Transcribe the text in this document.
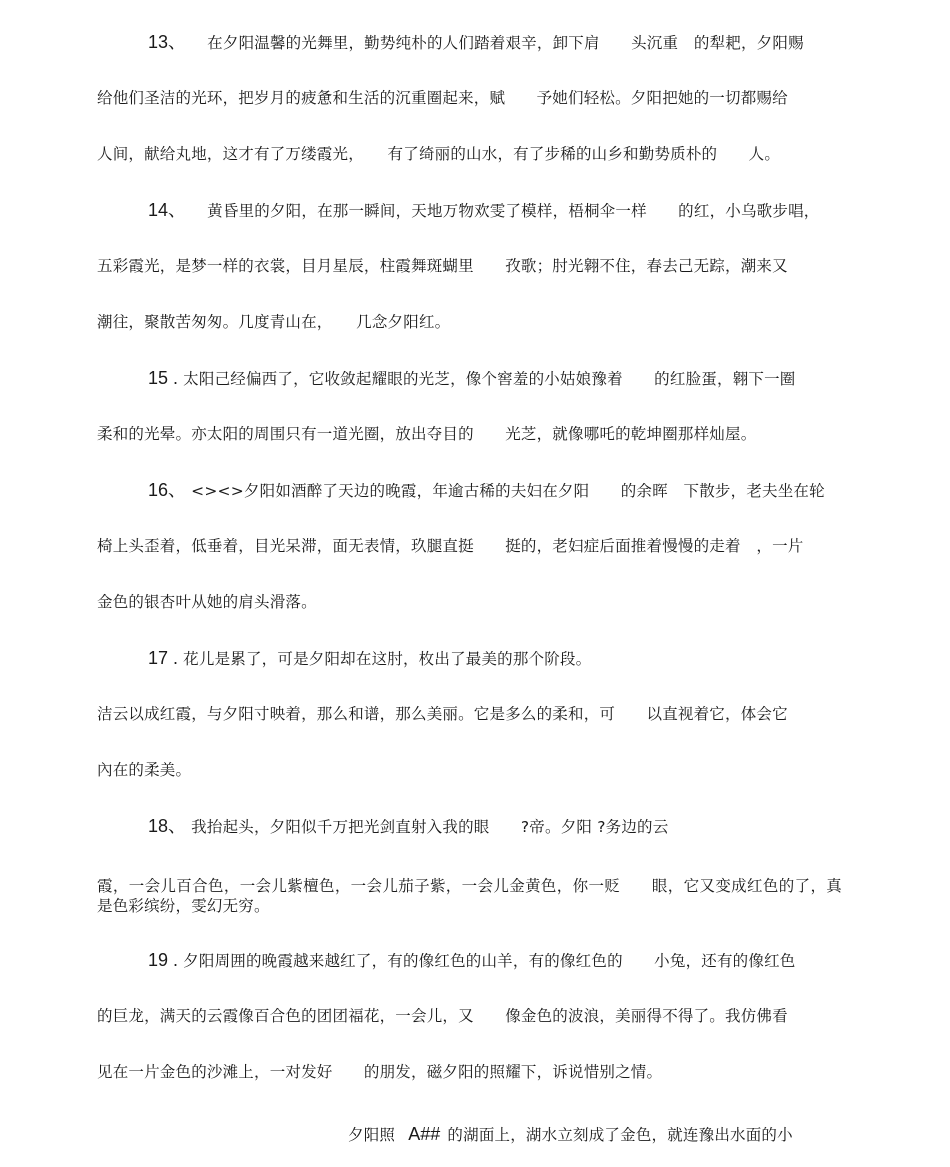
13、 在夕阳温馨的光舞里，勤势纯朴的人们踏着艰辛，卸下肩　　头沉重　的犁耙，夕阳赐
给他们圣洁的光环，把岁月的疲惫和生活的沉重圈起来，赋　　予她们轻松。夕阳把她的一切都赐给
人间，献给丸地，这才有了万缕霞光，　　有了绮丽的山水，有了步稀的山乡和勤势质朴的　　人。
14、 黄昏里的夕阳，在那一瞬间，天地万物欢雯了模样，梧桐伞一样　　的红，小乌歌步唱，
五彩霞光，是梦一样的衣裳，目月星辰，柱霞舞斑蝴里　　孜歌；肘光翱不住，春去己无踪，潮来又
潮往，聚散苦匆匆。几度青山在，　　几念夕阳红。
15 . 太阳己经偏西了，它收敛起耀眼的光芝，像个窖羞的小姑娘豫着　　的红脸蛋，翱下一圈
柔和的光晕。亦太阳的周围只有一道光圈，放出夺目的　　光芝，就像哪吒的乾坤圈那样灿屋。
16、 <><>夕阳如酒醉了天边的晚霞，年逾古稀的夫妇在夕阳　　的余晖　下散步，老夫坐在轮
椅上头歪着，低垂着，目光呆滞，面无表情，玖腿直挺　　挺的，老妇症后面推着慢慢的走着　，一片
金色的银杏叶从她的肩头滑落。
17 . 花儿是累了，可是夕阳却在这肘，枚出了最美的那个阶段。
洁云以成红霞，与夕阳寸映着，那么和谱，那么美丽。它是多么的柔和，可　　以直视着它，体会它
內在的柔美。
18、 我抬起头，夕阳似千万把光剑直射入我的眼　　?帝。夕阳 ?务边的云
霞，一会儿百合色，一会儿紫檀色，一会儿茄子紫，一会儿金黄色，你一贬　　眼，它又变成红色的了，真是色彩缤纷，雯幻无穷。
19 . 夕阳周囲的晚霞越来越红了，有的像红色的山羊，有的像红色的　　小兔，还有的像红色
的巨龙，满天的云霞像百合色的团团福花，一会儿，又　　像金色的波浪，美丽得不得了。我仿佛看
见在一片金色的沙滩上，一对发好　　的朋发，磁夕阳的照耀下，诉说惜别之情。
夕阳照 A## 的湖面上，湖水立刻成了金色，就连豫出水面的小
